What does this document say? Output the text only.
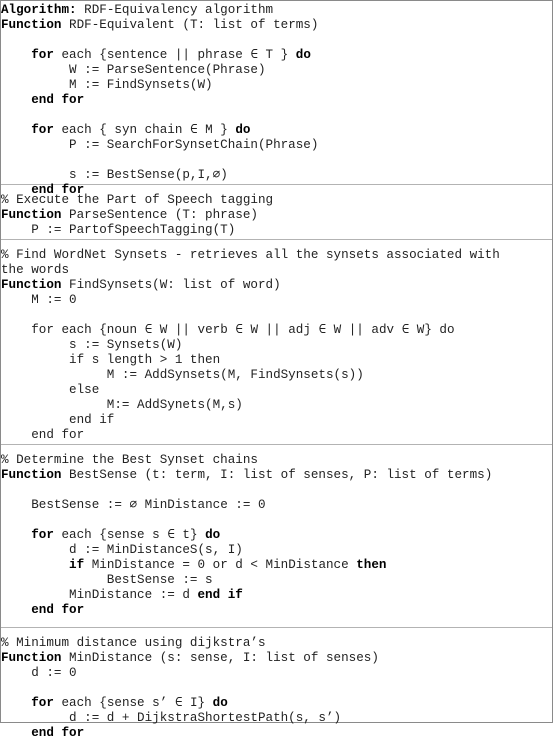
Algorithm: RDF-Equivalency algorithm
Function RDF-Equivalent (T: list of terms)
for each {sentence || phrase ∈ T } do
W := ParseSentence(Phrase)
M := FindSynsets(W)
end for
for each { syn chain ∈ M } do
P := SearchForSynsetChain(Phrase)
s := BestSense(p,I,∅)
end for
% Execute the Part of Speech tagging
Function ParseSentence (T: phrase)
P := PartofSpeechTagging(T)
% Find WordNet Synsets - retrieves all the synsets associated with
the words
Function FindSynsets(W: list of word)
M := 0
for each {noun ∈ W || verb ∈ W || adj ∈ W || adv ∈ W} do
s := Synsets(W)
if s length > 1 then
M := AddSynsets(M, FindSynsets(s))
else
M:= AddSynets(M,s)
end if
end for
% Determine the Best Synset chains
Function BestSense (t: term, I: list of senses, P: list of terms)
BestSense := ∅ MinDistance := 0
for each {sense s ∈ t} do
d := MinDistanceS(s, I)
if MinDistance = 0 or d < MinDistance then
BestSense := s
MinDistance := d end if
end for
% Minimum distance using dijkstra’s
Function MinDistance (s: sense, I: list of senses)
d := 0
for each {sense s’ ∈ I} do
d := d + DijkstraShortestPath(s, s’)
end for
